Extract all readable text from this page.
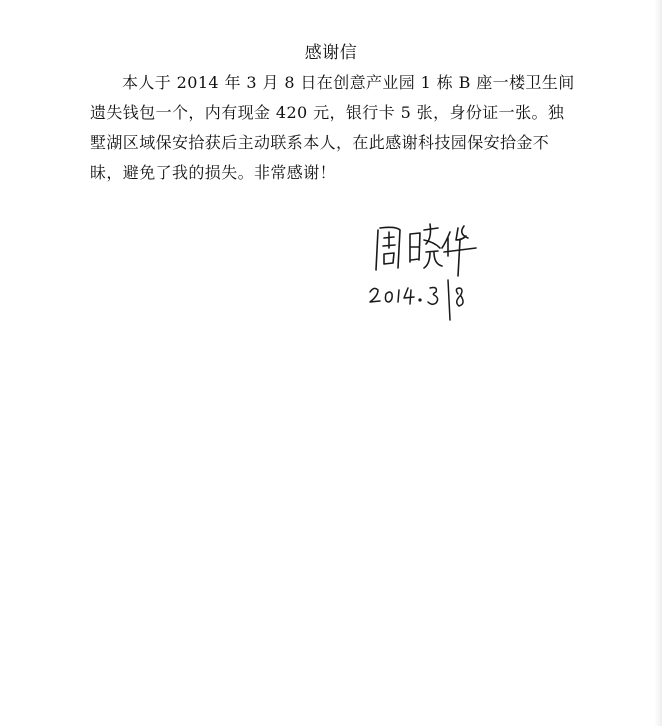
感谢信
本人于 2014 年 3 月 8 日在创意产业园 1 栋 B 座一楼卫生间
遗失钱包一个，内有现金 420 元，银行卡 5 张，身份证一张。独
墅湖区域保安拾获后主动联系本人，在此感谢科技园保安拾金不
昧，避免了我的损失。非常感谢！
